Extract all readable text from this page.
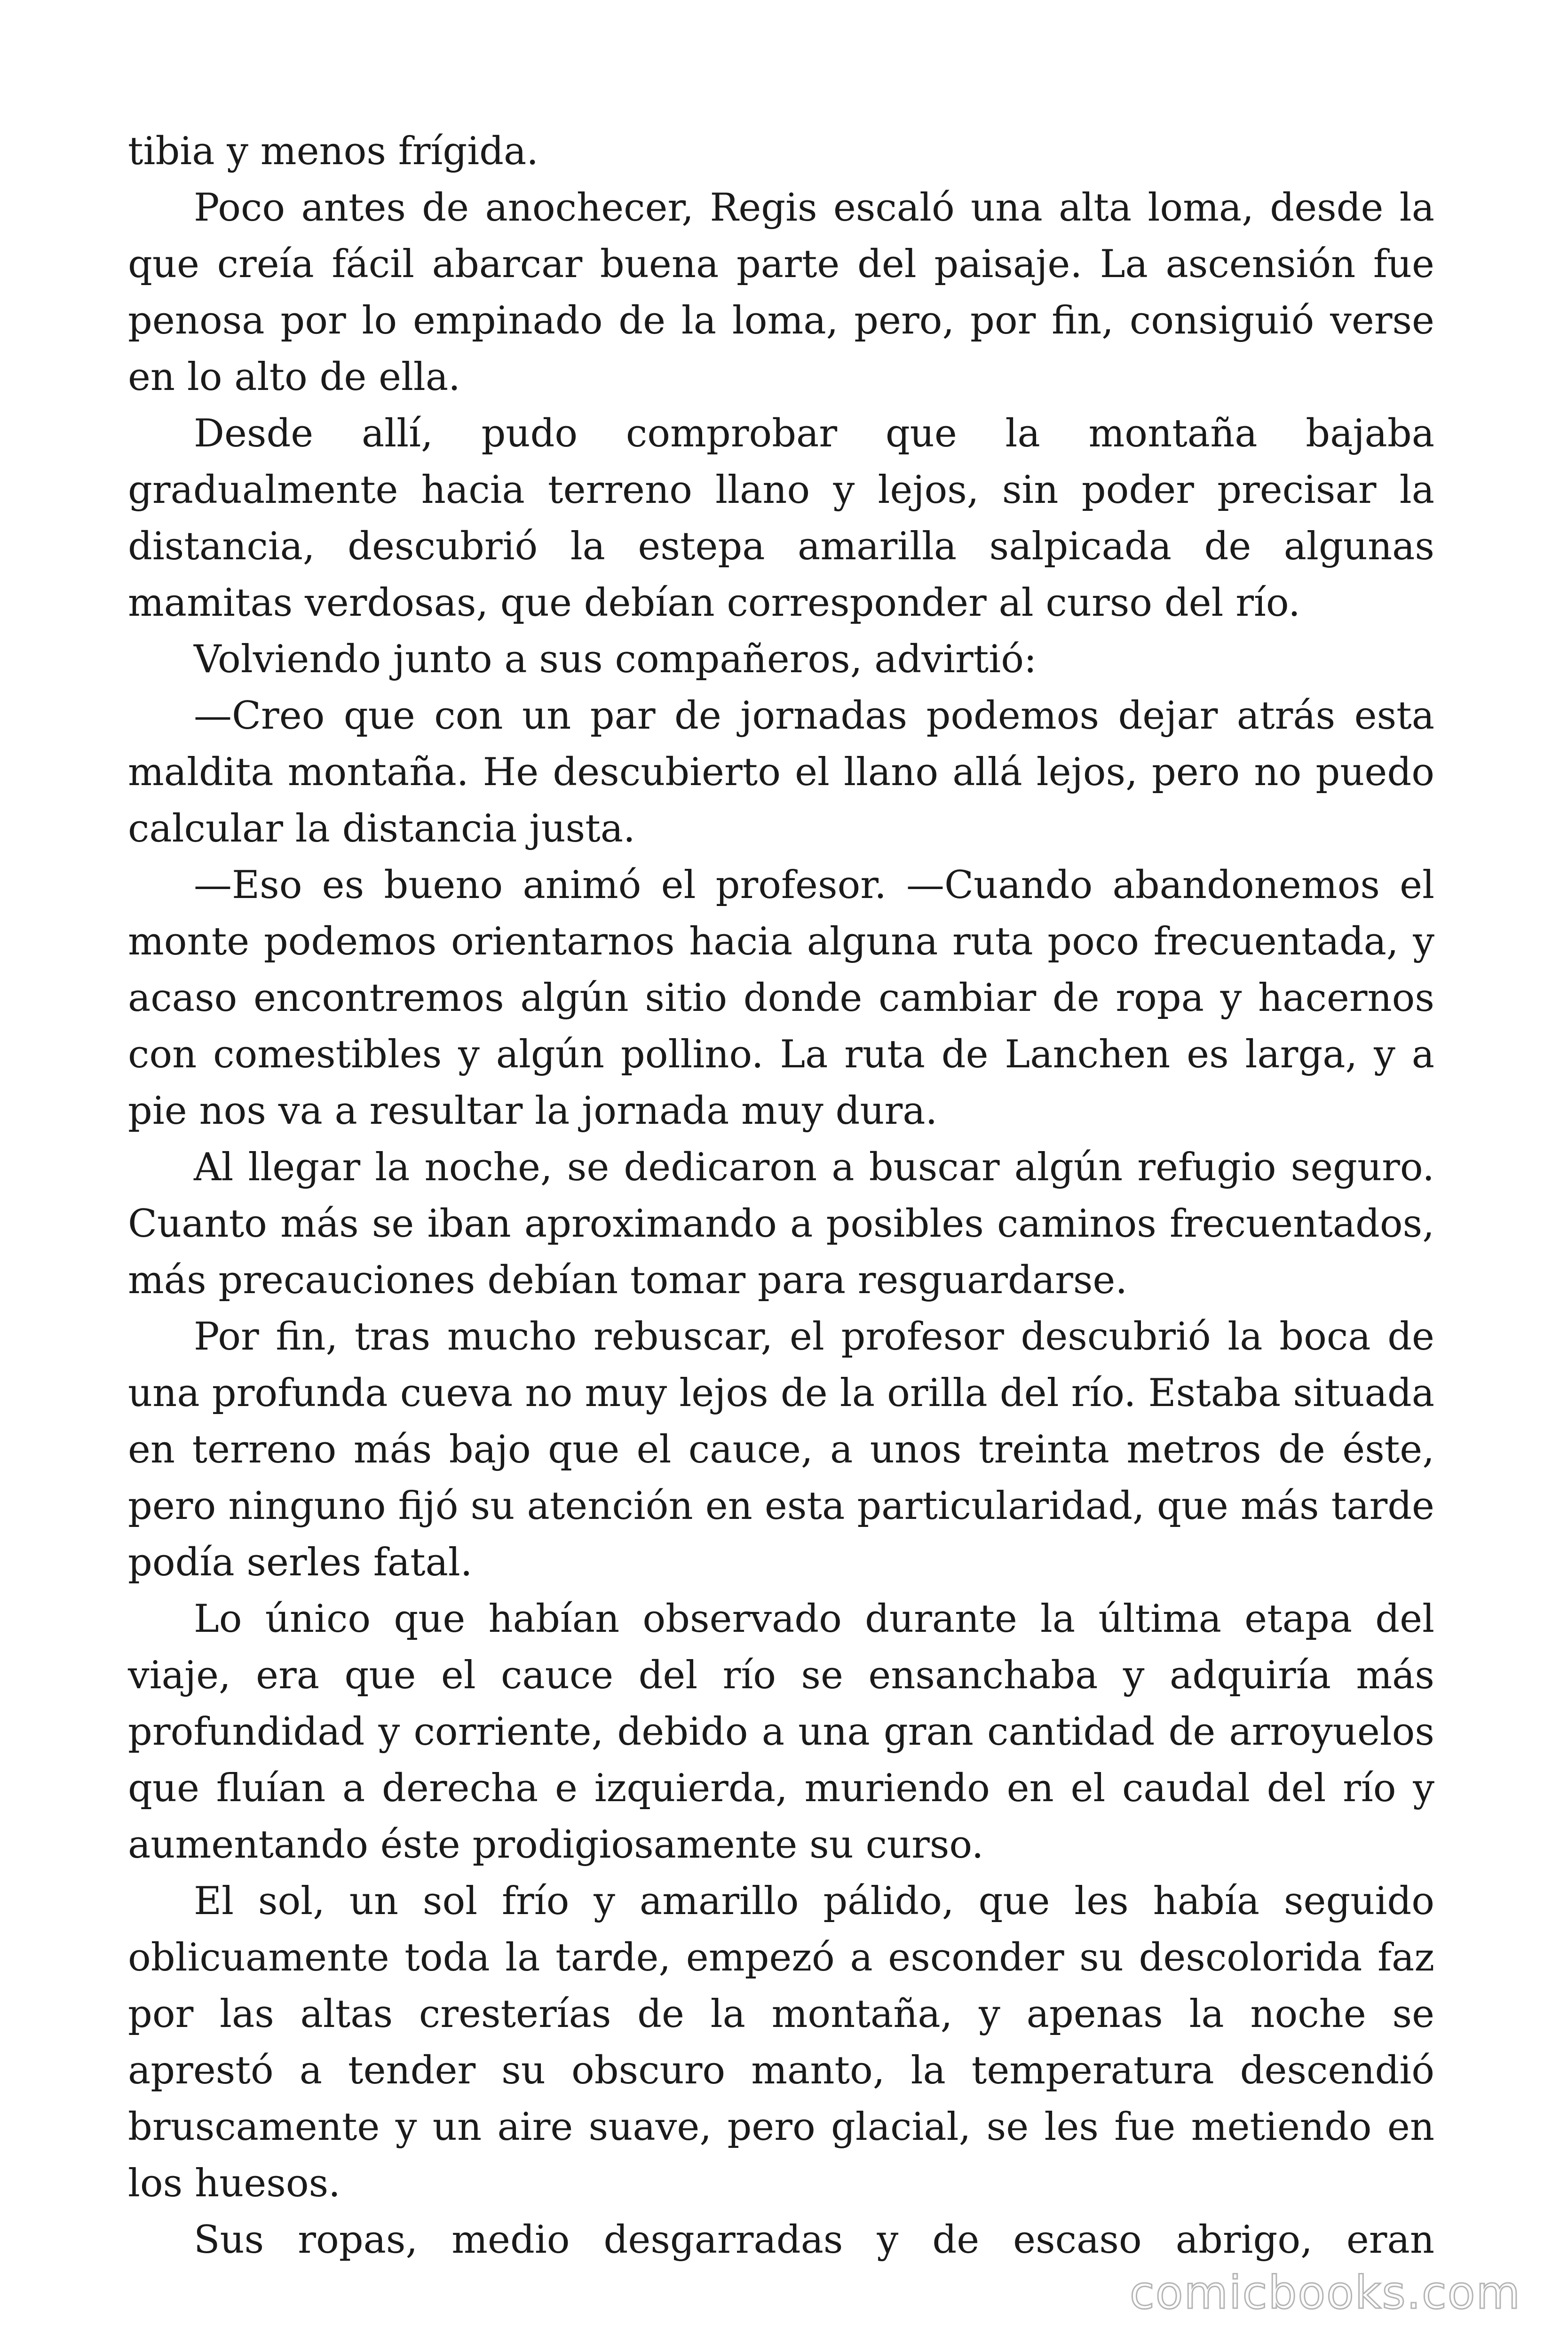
tibia y menos frígida.

Poco antes de anochecer, Regis escaló una alta loma, desde la que creía fácil abarcar buena parte del paisaje. La ascensión fue penosa por lo empinado de la loma, pero, por fin, consiguió verse en lo alto de ella.

Desde allí, pudo comprobar que la montaña bajaba gradualmente hacia terreno llano y lejos, sin poder precisar la distancia, descubrió la estepa amarilla salpicada de algunas mamitas verdosas, que debían corresponder al curso del río.

Volviendo junto a sus compañeros, advirtió:

—Creo que con un par de jornadas podemos dejar atrás esta maldita montaña. He descubierto el llano allá lejos, pero no puedo calcular la distancia justa.

—Eso es bueno animó el profesor. —Cuando abandonemos el monte podemos orientarnos hacia alguna ruta poco frecuentada, y acaso encontremos algún sitio donde cambiar de ropa y hacernos con comestibles y algún pollino. La ruta de Lanchen es larga, y a pie nos va a resultar la jornada muy dura.

Al llegar la noche, se dedicaron a buscar algún refugio seguro. Cuanto más se iban aproximando a posibles caminos frecuentados, más precauciones debían tomar para resguardarse.

Por fin, tras mucho rebuscar, el profesor descubrió la boca de una profunda cueva no muy lejos de la orilla del río. Estaba situada en terreno más bajo que el cauce, a unos treinta metros de éste, pero ninguno fijó su atención en esta particularidad, que más tarde podía serles fatal.

Lo único que habían observado durante la última etapa del viaje, era que el cauce del río se ensanchaba y adquiría más profundidad y corriente, debido a una gran cantidad de arroyuelos que fluían a derecha e izquierda, muriendo en el caudal del río y aumentando éste prodigiosamente su curso.

El sol, un sol frío y amarillo pálido, que les había seguido oblicuamente toda la tarde, empezó a esconder su descolorida faz por las altas cresterías de la montaña, y apenas la noche se aprestó a tender su obscuro manto, la temperatura descendió bruscamente y un aire suave, pero glacial, se les fue metiendo en los huesos.

Sus ropas, medio desgarradas y de escaso abrigo, eran

comicbooks.com
